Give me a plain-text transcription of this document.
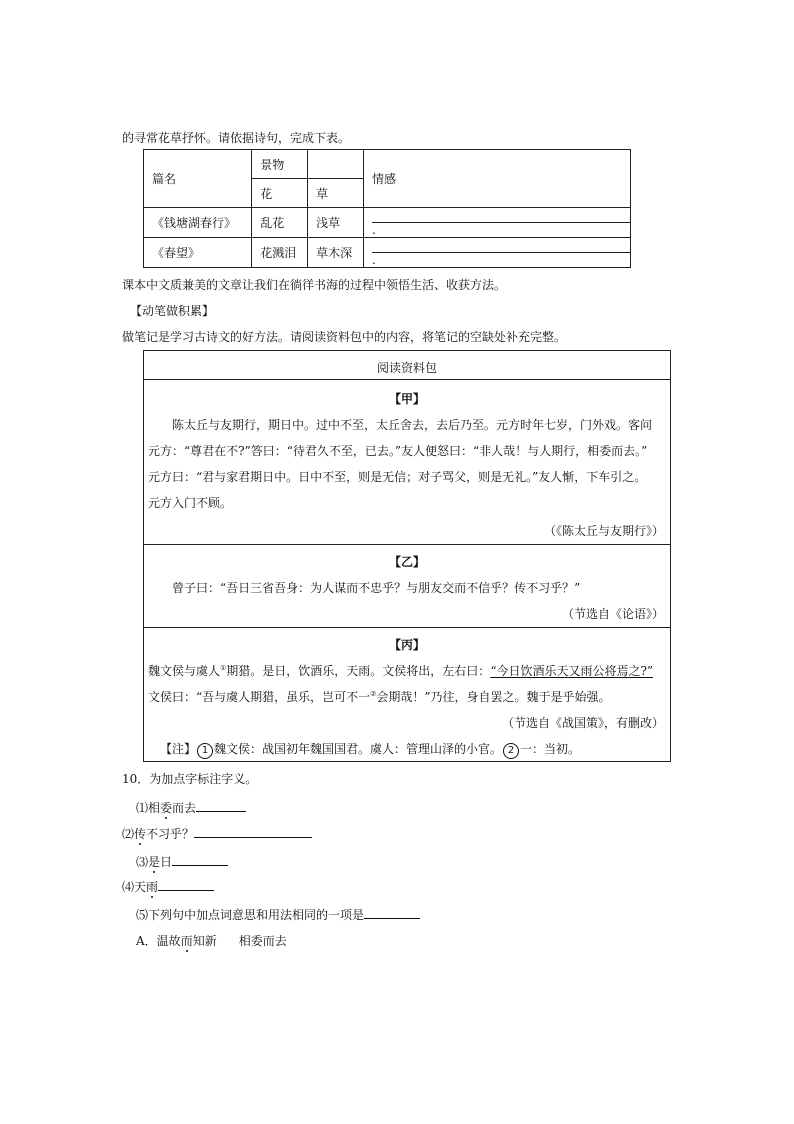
的寻常花草抒怀。请依据诗句，完成下表。
篇名	景物		情感
	花	草	
《钱塘湖春行》	乱花	浅草	.
《春望》	花溅泪	草木深	.
课本中文质兼美的文章让我们在徜徉书海的过程中领悟生活、收获方法。
【动笔做积累】
做笔记是学习古诗文的好方法。请阅读资料包中的内容，将笔记的空缺处补充完整。
阅读资料包
【甲】
陈太丘与友期行，期日中。过中不至，太丘舍去，去后乃至。元方时年七岁，门外戏。客问
元方：“尊君在不?”答曰：“待君久不至，已去。”友人便怒曰：“非人哉！与人期行，相委而去。”
元方曰：“君与家君期日中。日中不至，则是无信；对子骂父，则是无礼。”友人惭，下车引之。
元方入门不顾。
（《陈太丘与友期行》）
【乙】
曾子曰：“吾日三省吾身：为人谋而不忠乎？与朋友交而不信乎？传不习乎？”
（节选自《论语》）
【丙】
魏文侯与虞人①期猎。是日，饮酒乐，天雨。文侯将出，左右曰：“今日饮酒乐天又雨公将焉之?”
文侯曰：“吾与虞人期猎，虽乐，岂可不一②会期哉！”乃往，身自罢之。魏于是乎始强。
（节选自《战国策》，有删改）
【注】 1 魏文侯：战国初年魏国国君。虞人：管理山泽的小官。 2 一：当初。
10．为加点字标注字义。
⑴相委而去
⑵传不习乎？
⑶是日
⑷天雨
⑸下列句中加点词意思和用法相同的一项是
A．温故而知新 相委而去
